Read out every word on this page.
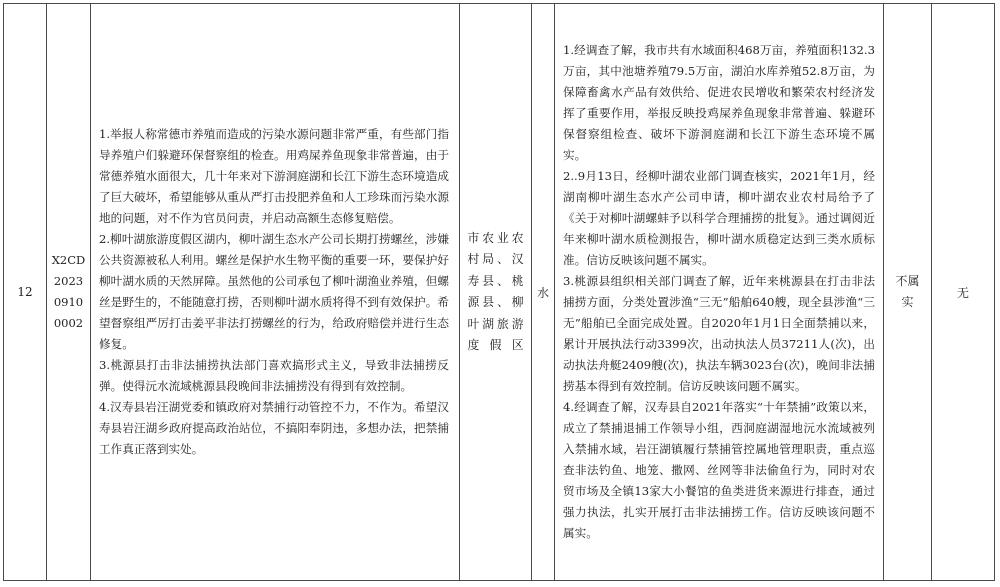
12
X2CD
2023
0910
0002

1.举报人称常德市养殖而造成的污染水源问题非常严重，有些部门指导养殖户们躲避环保督察组的检查。用鸡屎养鱼现象非常普遍，由于常德养殖水面很大，几十年来对下游洞庭湖和长江下游生态环境造成了巨大破坏，希望能够从重从严打击投肥养鱼和人工珍珠而污染水源地的问题，对不作为官员问责，并启动高额生态修复赔偿。

2.柳叶湖旅游度假区湖内，柳叶湖生态水产公司长期打捞螺丝，涉嫌公共资源被私人利用。螺丝是保护水生物平衡的重要一环，要保护好柳叶湖水质的天然屏障。虽然他的公司承包了柳叶湖渔业养殖，但螺丝是野生的，不能随意打捞，否则柳叶湖水质将得不到有效保护。希望督察组严厉打击姜平非法打捞螺丝的行为，给政府赔偿并进行生态修复。

3.桃源县打击非法捕捞执法部门喜欢搞形式主义，导致非法捕捞反弹。使得沅水流域桃源县段晚间非法捕捞没有得到有效控制。

4.汉寿县岩汪湖党委和镇政府对禁捕行动管控不力，不作为。希望汉寿县岩汪湖乡政府提高政治站位，不搞阳奉阴违，多想办法，把禁捕工作真正落到实处。

市农业农村局、汉寿县、桃源县、柳叶湖旅游度假区
水

1.经调查了解，我市共有水域面积468万亩，养殖面积132.3万亩，其中池塘养殖79.5万亩，湖泊水库养殖52.8万亩，为保障畜禽水产品有效供给、促进农民增收和繁荣农村经济发挥了重要作用，举报反映投鸡屎养鱼现象非常普遍、躲避环保督察组检查、破坏下游洞庭湖和长江下游生态环境不属实。

2..9月13日，经柳叶湖农业部门调查核实，2021年1月，经湖南柳叶湖生态水产公司申请，柳叶湖农业农村局给予了《关于对柳叶湖螺蚌予以科学合理捕捞的批复》。通过调阅近年来柳叶湖水质检测报告，柳叶湖水质稳定达到三类水质标准。信访反映该问题不属实。

3.桃源县组织相关部门调查了解，近年来桃源县在打击非法捕捞方面，分类处置涉渔“三无”船舶640艘，现全县涉渔“三无”船舶已全面完成处置。自2020年1月1日全面禁捕以来，累计开展执法行动3399次，出动执法人员37211人(次)，出动执法舟艇2409艘(次)，执法车辆3023台(次)，晚间非法捕捞基本得到有效控制。信访反映该问题不属实。

4.经调查了解，汉寿县自2021年落实“十年禁捕”政策以来，成立了禁捕退捕工作领导小组，西洞庭湖湿地沅水流域被列入禁捕水域，岩汪湖镇履行禁捕管控属地管理职责，重点巡查非法钓鱼、地笼、撒网、丝网等非法偷鱼行为，同时对农贸市场及全镇13家大小餐馆的鱼类进货来源进行排查，通过强力执法，扎实开展打击非法捕捞工作。信访反映该问题不属实。

不属实
无
